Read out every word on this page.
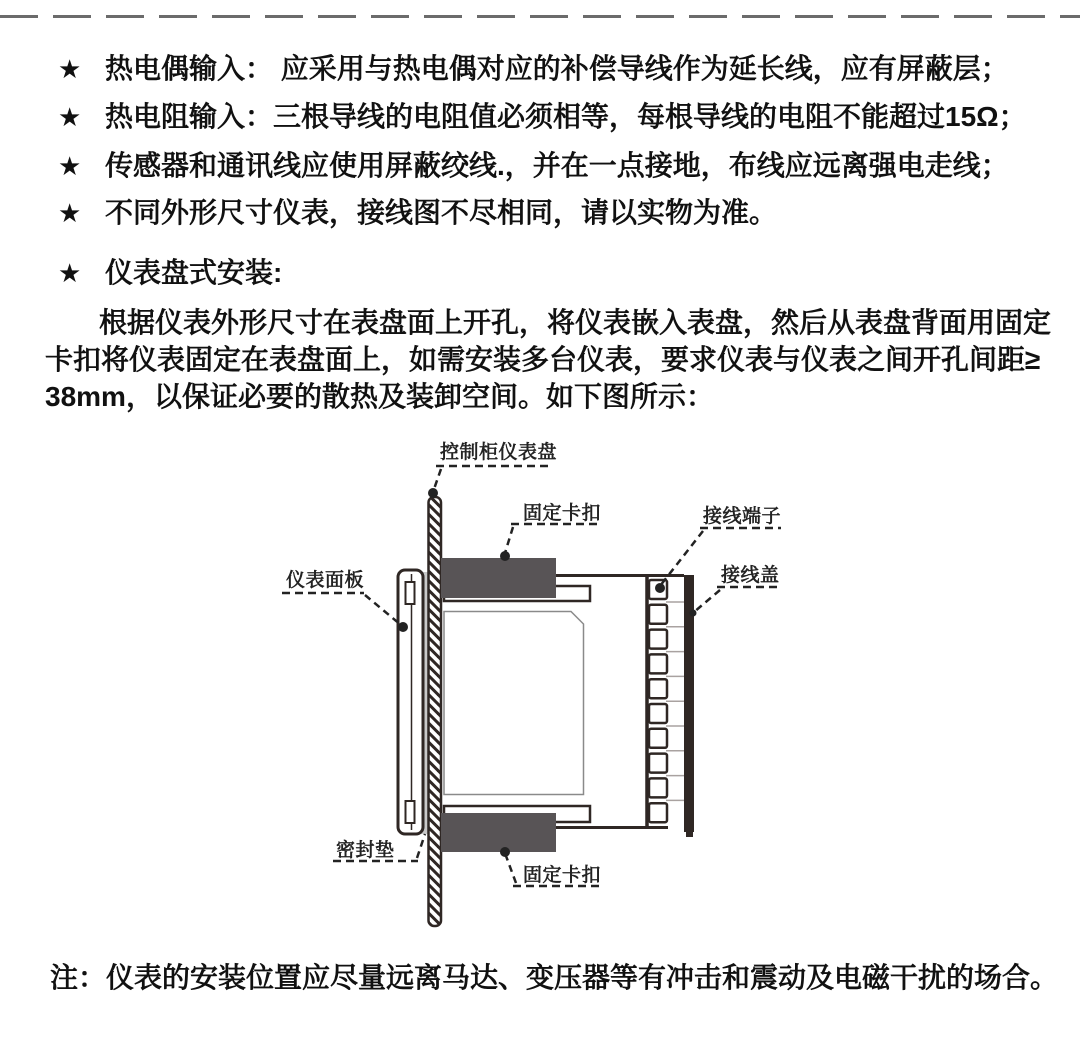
★ 热电偶输入： 应采用与热电偶对应的补偿导线作为延长线，应有屏蔽层；
★ 热电阻输入：三根导线的电阻值必须相等，每根导线的电阻不能超过15Ω；
★ 传感器和通讯线应使用屏蔽绞线.，并在一点接地，布线应远离强电走线；
★ 不同外形尺寸仪表，接线图不尽相同，请以实物为准。
★ 仪表盘式安装:
根据仪表外形尺寸在表盘面上开孔，将仪表嵌入表盘，然后从表盘背面用固定
卡扣将仪表固定在表盘面上，如需安装多台仪表，要求仪表与仪表之间开孔间距≥
38mm，以保证必要的散热及装卸空间。如下图所示：
控制柜仪表盘
固定卡扣	接线端子
接线盖
仪表面板
密封垫
固定卡扣
注：仪表的安装位置应尽量远离马达、变压器等有冲击和震动及电磁干扰的场合。
